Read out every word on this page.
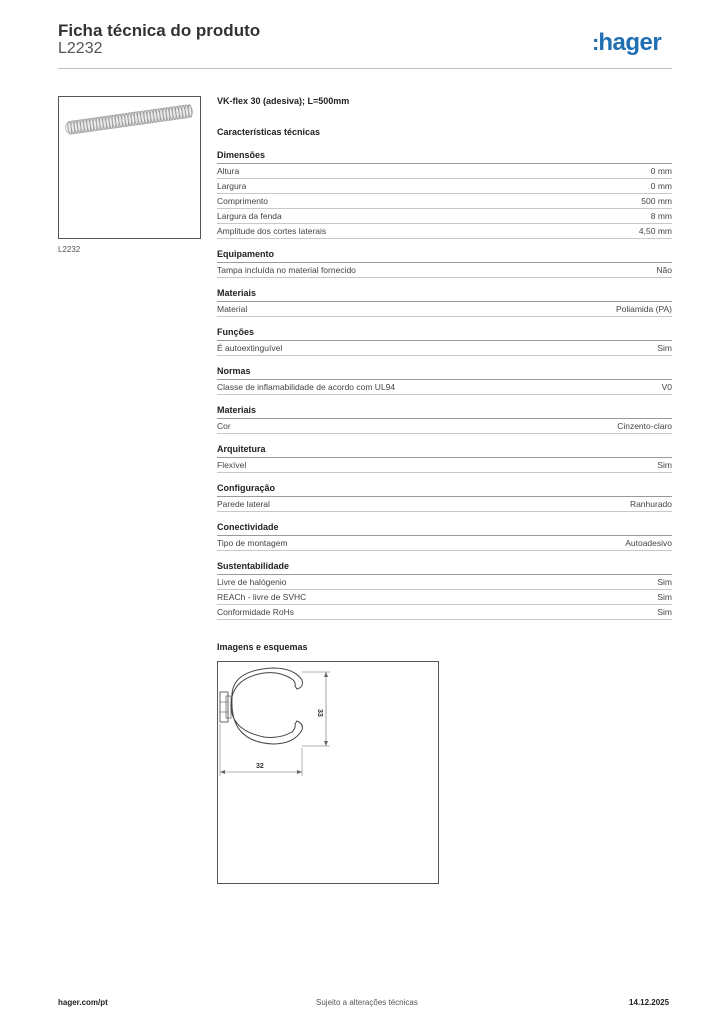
Ficha técnica do produto
L2232	:hager
L2232
VK-flex 30 (adesiva); L=500mm
Características técnicas
Dimensões
Altura	0 mm
Largura	0 mm
Comprimento	500 mm
Largura da fenda	8 mm
Amplitude dos cortes laterais	4,50 mm
Equipamento
Tampa incluída no material fornecido	Não
Materiais
Material	Poliamida (PA)
Funções
É autoextinguível	Sim
Normas
Classe de inflamabilidade de acordo com UL94	V0
Materiais
Cor	Cinzento-claro
Arquitetura
Flexível	Sim
Configuração
Parede lateral	Ranhurado
Conectividade
Tipo de montagem	Autoadesivo
Sustentabilidade
Livre de halógenio	Sim
REACh - livre de SVHC	Sim
Conformidade RoHs	Sim
Imagens e esquemas
33
32
hager.com/pt	Sujeito a alterações técnicas	14.12.2025
